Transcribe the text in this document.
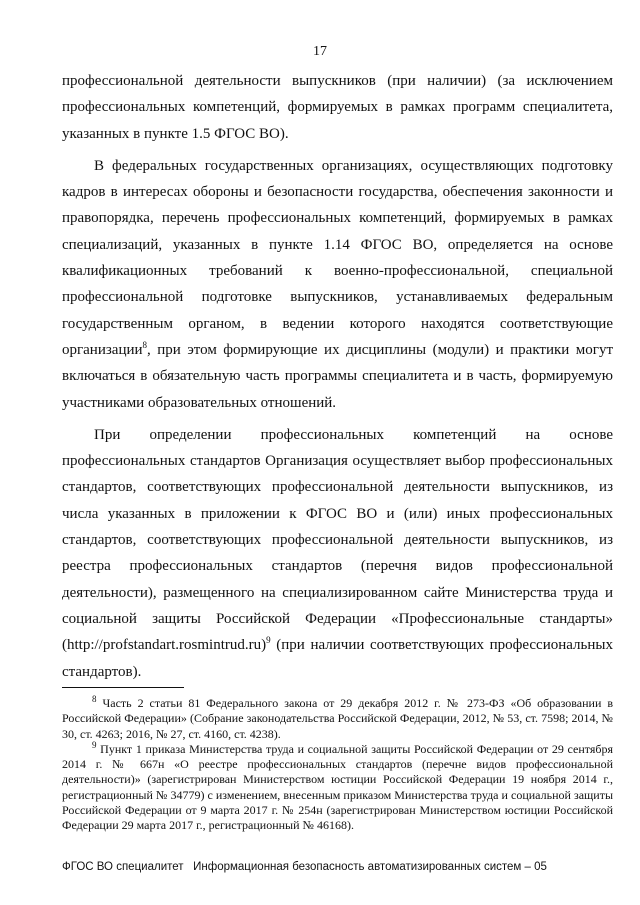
17

профессиональной деятельности выпускников (при наличии) (за исключением профессиональных компетенций, формируемых в рамках программ специалитета, указанных в пункте 1.5 ФГОС ВО).

В федеральных государственных организациях, осуществляющих подготовку кадров в интересах обороны и безопасности государства, обеспечения законности и правопорядка, перечень профессиональных компетенций, формируемых в рамках специализаций, указанных в пункте 1.14 ФГОС ВО, определяется на основе квалификационных требований к военно-профессиональной, специальной профессиональной подготовке выпускников, устанавливаемых федеральным государственным органом, в ведении которого находятся соответствующие организации$^8$, при этом формирующие их дисциплины (модули) и практики могут включаться в обязательную часть программы специалитета и в часть, формируемую участниками образовательных отношений.

При определении профессиональных компетенций на основе профессиональных стандартов Организация осуществляет выбор профессиональных стандартов, соответствующих профессиональной деятельности выпускников, из числа указанных в приложении к ФГОС ВО и (или) иных профессиональных стандартов, соответствующих профессиональной деятельности выпускников, из реестра профессиональных стандартов (перечня видов профессиональной деятельности), размещенного на специализированном сайте Министерства труда и социальной защиты Российской Федерации «Профессиональные стандарты» (http://profstandart.rosmintrud.ru)$^9$ (при наличии соответствующих профессиональных стандартов).

$^8$ Часть 2 статьи 81 Федерального закона от 29 декабря 2012 г. № 273-ФЗ «Об образовании в Российской Федерации» (Собрание законодательства Российской Федерации, 2012, № 53, ст. 7598; 2014, № 30, ст. 4263; 2016, № 27, ст. 4160, ст. 4238).

$^9$ Пункт 1 приказа Министерства труда и социальной защиты Российской Федерации от 29 сентября 2014 г. № 667н «О реестре профессиональных стандартов (перечне видов профессиональной деятельности)» (зарегистрирован Министерством юстиции Российской Федерации 19 ноября 2014 г., регистрационный № 34779) с изменением, внесенным приказом Министерства труда и социальной защиты Российской Федерации от 9 марта 2017 г. № 254н (зарегистрирован Министерством юстиции Российской Федерации 29 марта 2017 г., регистрационный № 46168).

ФГОС ВО специалитет   Информационная безопасность автоматизированных систем – 05
